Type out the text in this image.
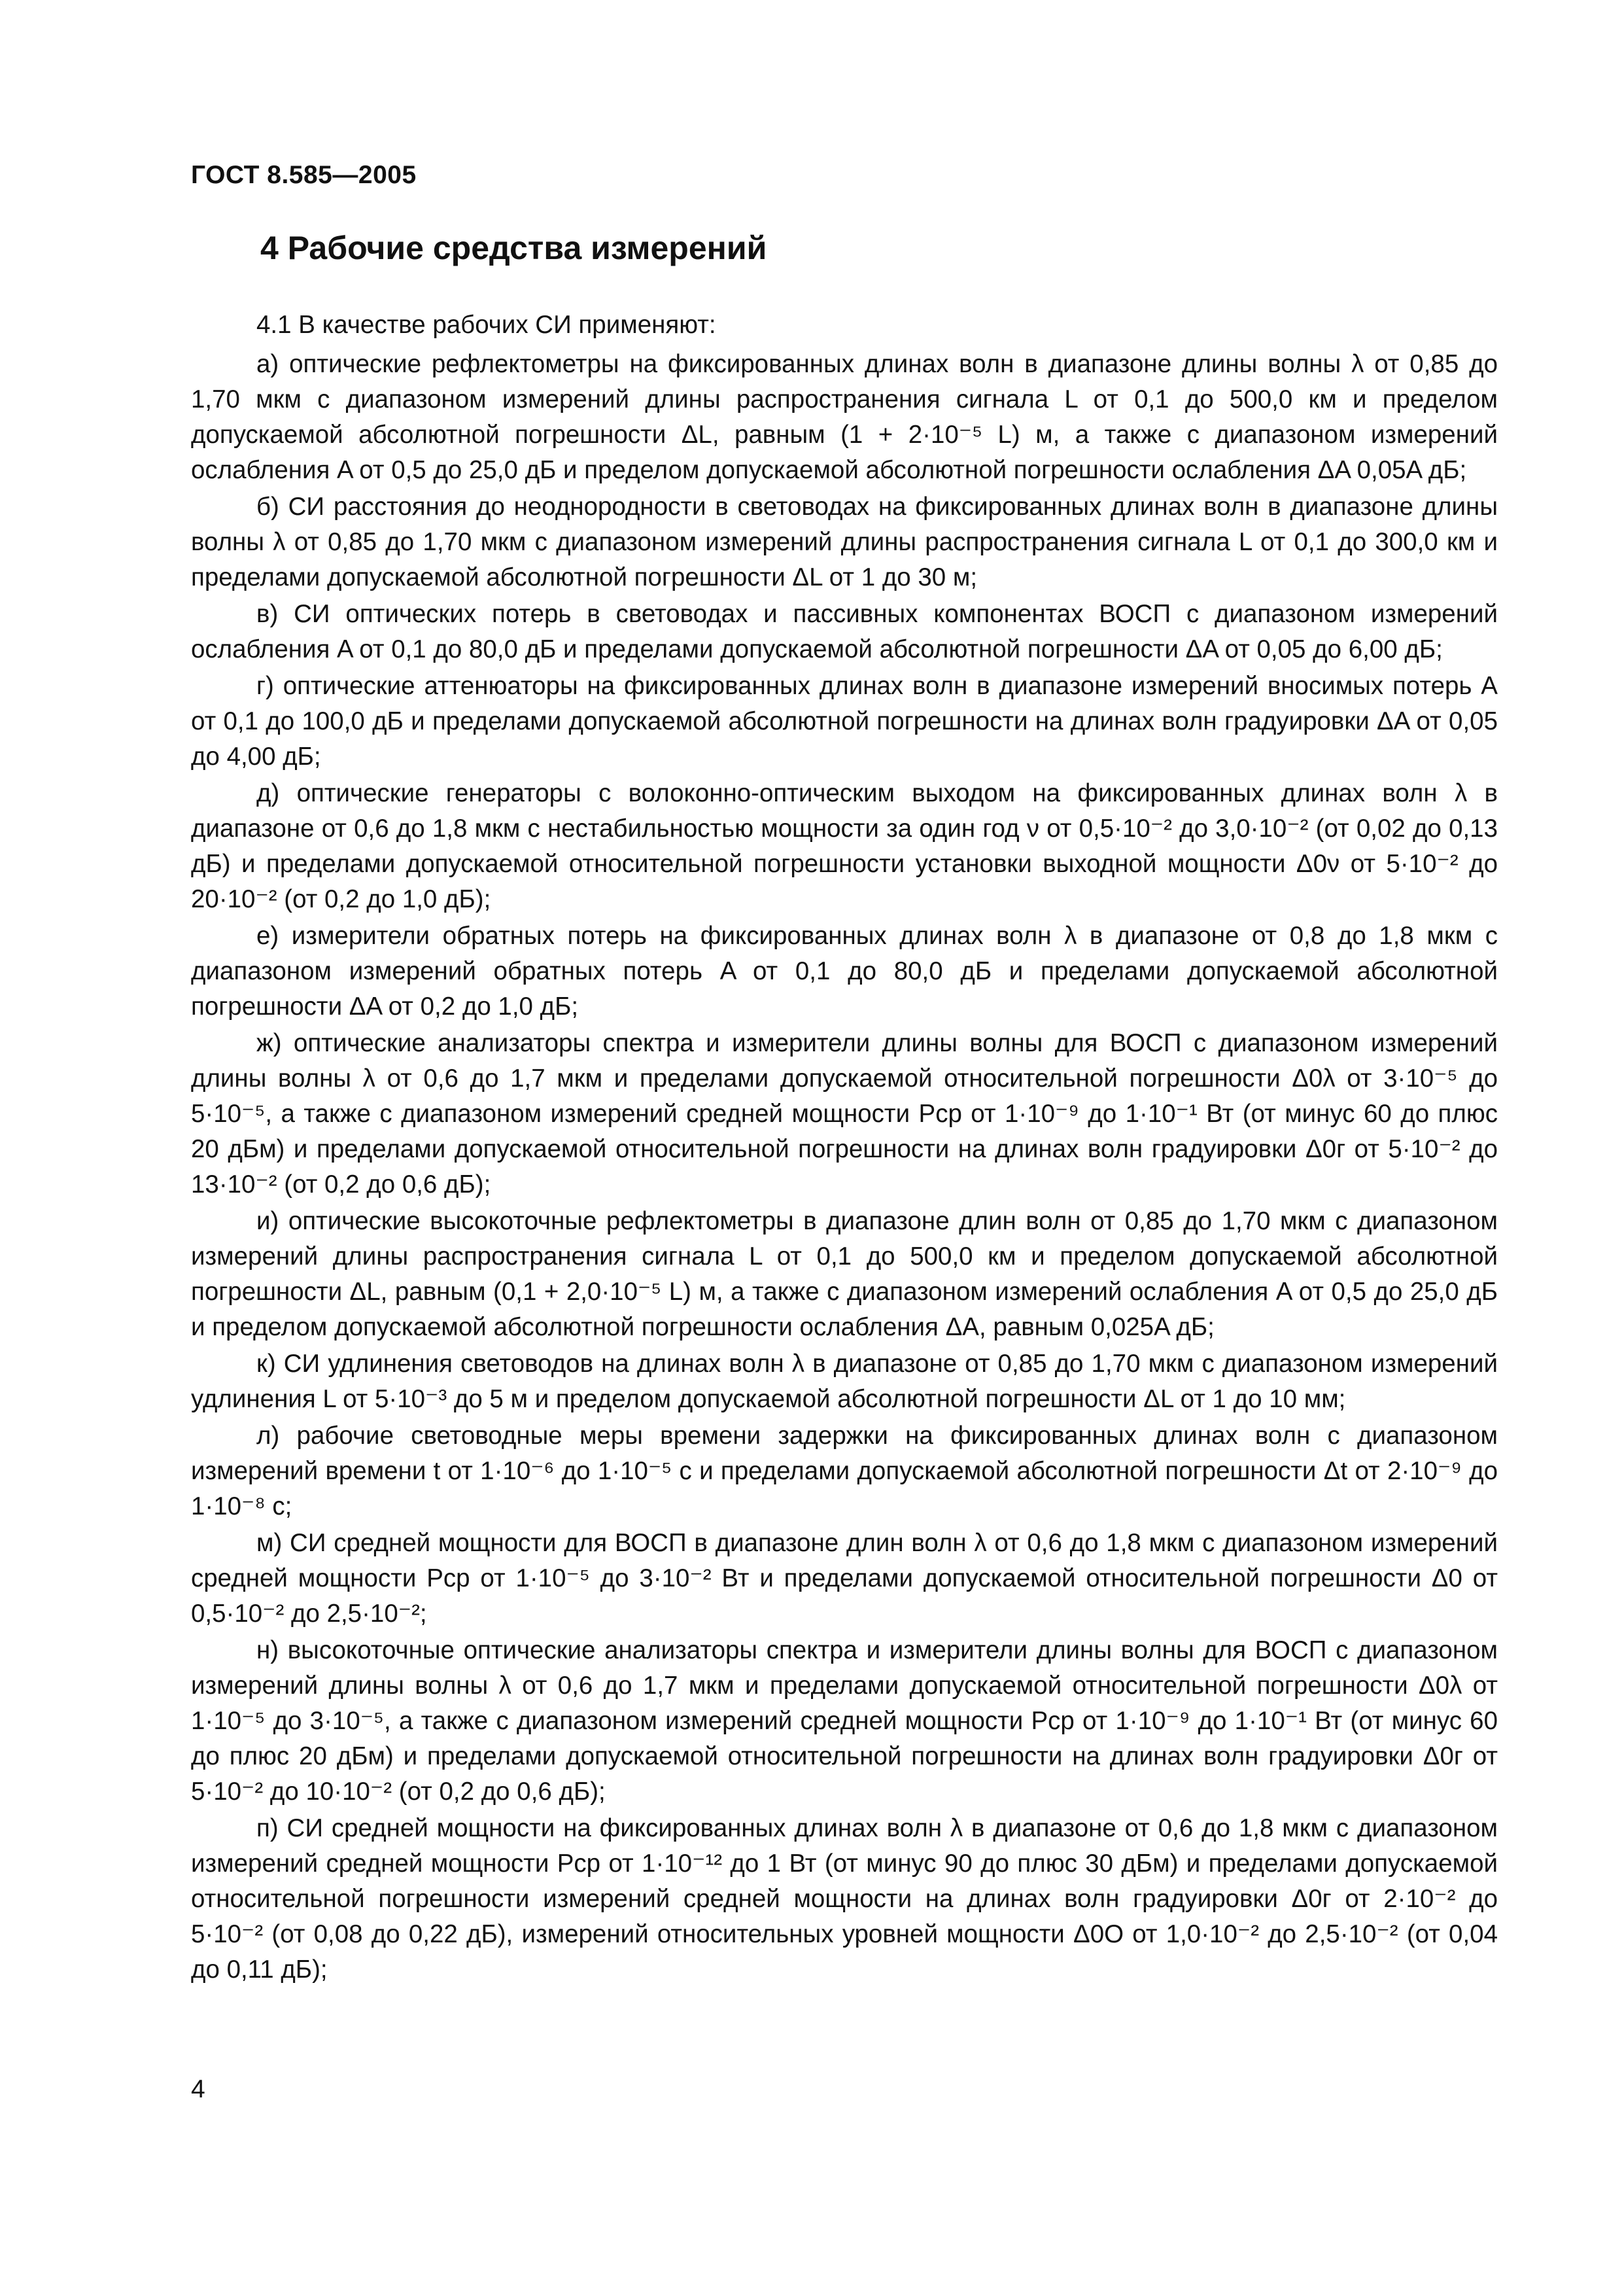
ГОСТ 8.585—2005
4 Рабочие средства измерений

4.1 В качестве рабочих СИ применяют:

а) оптические рефлектометры на фиксированных длинах волн в диапазоне длины волны λ от 0,85 до 1,70 мкм с диапазоном измерений длины распространения сигнала L от 0,1 до 500,0 км и пределом допускаемой абсолютной погрешности ΔL, равным (1 + 2·10⁻⁵ L) м, а также с диапазоном измерений ослабления A от 0,5 до 25,0 дБ и пределом допускаемой абсолютной погрешности ослабления ΔA 0,05A дБ;

б) СИ расстояния до неоднородности в световодах на фиксированных длинах волн в диапазоне длины волны λ от 0,85 до 1,70 мкм с диапазоном измерений длины распространения сигнала L от 0,1 до 300,0 км и пределами допускаемой абсолютной погрешности ΔL от 1 до 30 м;

в) СИ оптических потерь в световодах и пассивных компонентах ВОСП с диапазоном измерений ослабления A от 0,1 до 80,0 дБ и пределами допускаемой абсолютной погрешности ΔA от 0,05 до 6,00 дБ;

г) оптические аттенюаторы на фиксированных длинах волн в диапазоне измерений вносимых потерь A от 0,1 до 100,0 дБ и пределами допускаемой абсолютной погрешности на длинах волн градуировки ΔA от 0,05 до 4,00 дБ;

д) оптические генераторы с волоконно-оптическим выходом на фиксированных длинах волн λ в диапазоне от 0,6 до 1,8 мкм с нестабильностью мощности за один год ν от 0,5·10⁻² до 3,0·10⁻² (от 0,02 до 0,13 дБ) и пределами допускаемой относительной погрешности установки выходной мощности Δ0ν от 5·10⁻² до 20·10⁻² (от 0,2 до 1,0 дБ);

е) измерители обратных потерь на фиксированных длинах волн λ в диапазоне от 0,8 до 1,8 мкм с диапазоном измерений обратных потерь A от 0,1 до 80,0 дБ и пределами допускаемой абсолютной погрешности ΔA от 0,2 до 1,0 дБ;

ж) оптические анализаторы спектра и измерители длины волны для ВОСП с диапазоном измерений длины волны λ от 0,6 до 1,7 мкм и пределами допускаемой относительной погрешности Δ0λ от 3·10⁻⁵ до 5·10⁻⁵, а также с диапазоном измерений средней мощности Pср от 1·10⁻⁹ до 1·10⁻¹ Вт (от минус 60 до плюс 20 дБм) и пределами допускаемой относительной погрешности на длинах волн градуировки Δ0г от 5·10⁻² до 13·10⁻² (от 0,2 до 0,6 дБ);

и) оптические высокоточные рефлектометры в диапазоне длин волн от 0,85 до 1,70 мкм с диапазоном измерений длины распространения сигнала L от 0,1 до 500,0 км и пределом допускаемой абсолютной погрешности ΔL, равным (0,1 + 2,0·10⁻⁵ L) м, а также с диапазоном измерений ослабления A от 0,5 до 25,0 дБ и пределом допускаемой абсолютной погрешности ослабления ΔA, равным 0,025A дБ;

к) СИ удлинения световодов на длинах волн λ в диапазоне от 0,85 до 1,70 мкм с диапазоном измерений удлинения L от 5·10⁻³ до 5 м и пределом допускаемой абсолютной погрешности ΔL от 1 до 10 мм;

л) рабочие световодные меры времени задержки на фиксированных длинах волн с диапазоном измерений времени t от 1·10⁻⁶ до 1·10⁻⁵ с и пределами допускаемой абсолютной погрешности Δt от 2·10⁻⁹ до 1·10⁻⁸ с;

м) СИ средней мощности для ВОСП в диапазоне длин волн λ от 0,6 до 1,8 мкм с диапазоном измерений средней мощности Pср от 1·10⁻⁵ до 3·10⁻² Вт и пределами допускаемой относительной погрешности Δ0 от 0,5·10⁻² до 2,5·10⁻²;

н) высокоточные оптические анализаторы спектра и измерители длины волны для ВОСП с диапазоном измерений длины волны λ от 0,6 до 1,7 мкм и пределами допускаемой относительной погрешности Δ0λ от 1·10⁻⁵ до 3·10⁻⁵, а также с диапазоном измерений средней мощности Pср от 1·10⁻⁹ до 1·10⁻¹ Вт (от минус 60 до плюс 20 дБм) и пределами допускаемой относительной погрешности на длинах волн градуировки Δ0г от 5·10⁻² до 10·10⁻² (от 0,2 до 0,6 дБ);

п) СИ средней мощности на фиксированных длинах волн λ в диапазоне от 0,6 до 1,8 мкм с диапазоном измерений средней мощности Pср от 1·10⁻¹² до 1 Вт (от минус 90 до плюс 30 дБм) и пределами допускаемой относительной погрешности измерений средней мощности на длинах волн градуировки Δ0г от 2·10⁻² до 5·10⁻² (от 0,08 до 0,22 дБ), измерений относительных уровней мощности Δ0О от 1,0·10⁻² до 2,5·10⁻² (от 0,04 до 0,11 дБ);

4
